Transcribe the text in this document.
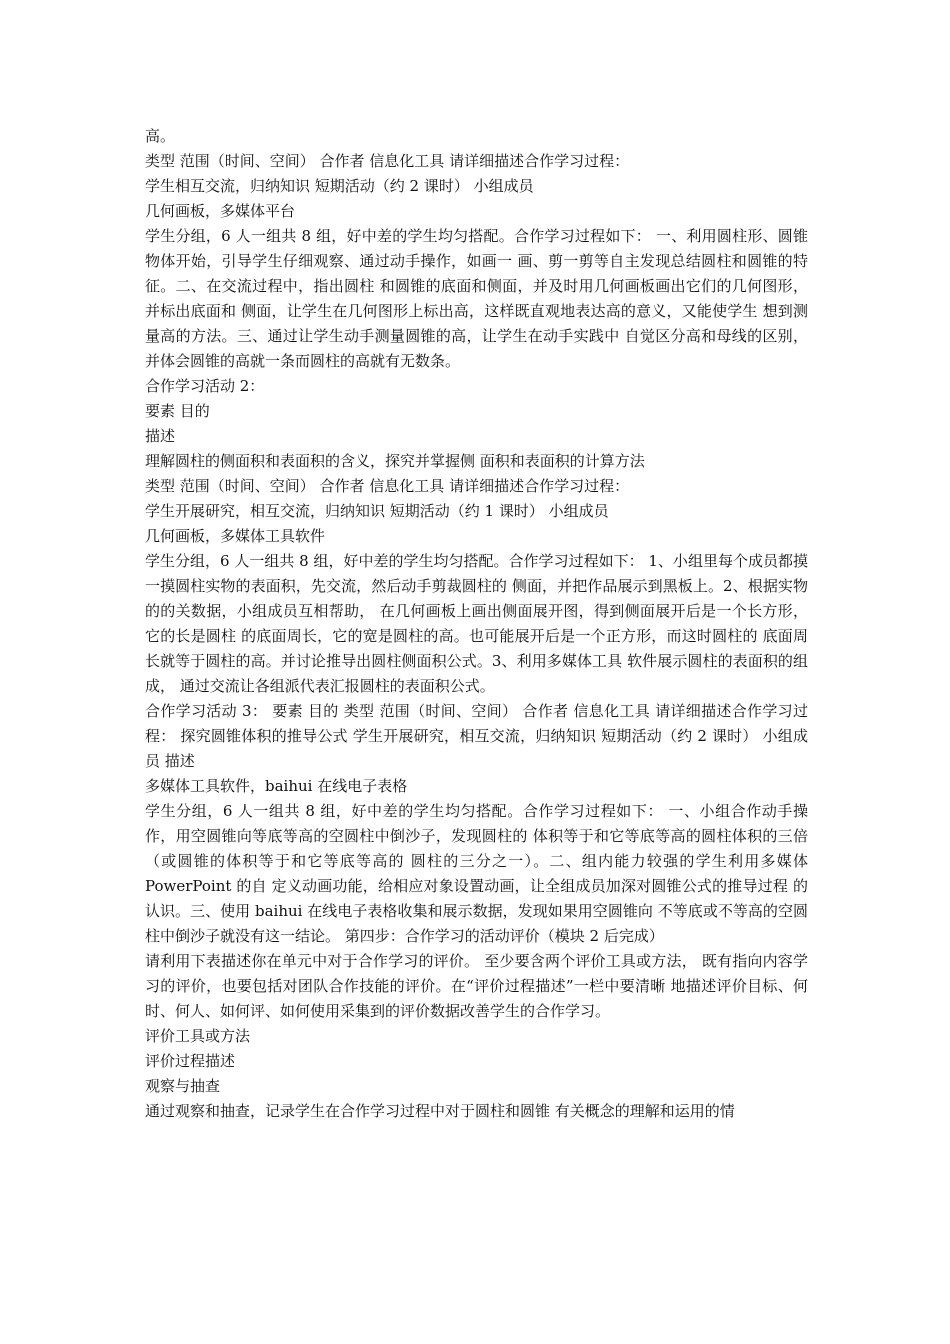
高。

类型 范围（时间、空间） 合作者 信息化工具 请详细描述合作学习过程：

学生相互交流，归纳知识 短期活动（约 2 课时） 小组成员

几何画板，多媒体平台

学生分组，6 人一组共 8 组，好中差的学生均匀搭配。合作学习过程如下： 一、利用圆柱形、圆锥物体开始，引导学生仔细观察、通过动手操作，如画一 画、剪一剪等自主发现总结圆柱和圆锥的特征。二、在交流过程中，指出圆柱 和圆锥的底面和侧面，并及时用几何画板画出它们的几何图形，并标出底面和 侧面，让学生在几何图形上标出高，这样既直观地表达高的意义，又能使学生 想到测量高的方法。三、通过让学生动手测量圆锥的高，让学生在动手实践中 自觉区分高和母线的区别，并体会圆锥的高就一条而圆柱的高就有无数条。

合作学习活动 2：

要素 目的

描述

理解圆柱的侧面积和表面积的含义，探究并掌握侧 面积和表面积的计算方法

类型 范围（时间、空间） 合作者 信息化工具 请详细描述合作学习过程：

学生开展研究，相互交流，归纳知识 短期活动（约 1 课时） 小组成员

几何画板，多媒体工具软件

学生分组，6 人一组共 8 组，好中差的学生均匀搭配。合作学习过程如下： 1、小组里每个成员都摸一摸圆柱实物的表面积，先交流，然后动手剪裁圆柱的 侧面，并把作品展示到黑板上。2、根据实物的的关数据，小组成员互相帮助， 在几何画板上画出侧面展开图，得到侧面展开后是一个长方形，它的长是圆柱 的底面周长，它的宽是圆柱的高。也可能展开后是一个正方形，而这时圆柱的 底面周长就等于圆柱的高。并讨论推导出圆柱侧面积公式。3、利用多媒体工具 软件展示圆柱的表面积的组成， 通过交流让各组派代表汇报圆柱的表面积公式。

合作学习活动 3： 要素 目的 类型 范围（时间、空间） 合作者 信息化工具 请详细描述合作学习过程： 探究圆锥体积的推导公式 学生开展研究，相互交流，归纳知识 短期活动（约 2 课时） 小组成员 描述

多媒体工具软件，baihui 在线电子表格

学生分组，6 人一组共 8 组，好中差的学生均匀搭配。合作学习过程如下： 一、小组合作动手操作，用空圆锥向等底等高的空圆柱中倒沙子，发现圆柱的 体积等于和它等底等高的圆柱体积的三倍（或圆锥的体积等于和它等底等高的 圆柱的三分之一）。二、组内能力较强的学生利用多媒体 PowerPoint 的自 定义动画功能，给相应对象设置动画，让全组成员加深对圆锥公式的推导过程 的认识。三、使用 baihui 在线电子表格收集和展示数据，发现如果用空圆锥向 不等底或不等高的空圆柱中倒沙子就没有这一结论。 第四步：合作学习的活动评价（模块 2 后完成）

请利用下表描述你在单元中对于合作学习的评价。 至少要含两个评价工具或方法， 既有指向内容学习的评价，也要包括对团队合作技能的评价。在“评价过程描述”一栏中要清晰 地描述评价目标、何时、何人、如何评、如何使用采集到的评价数据改善学生的合作学习。

评价工具或方法

评价过程描述

观察与抽查

通过观察和抽查，记录学生在合作学习过程中对于圆柱和圆锥 有关概念的理解和运用的情
